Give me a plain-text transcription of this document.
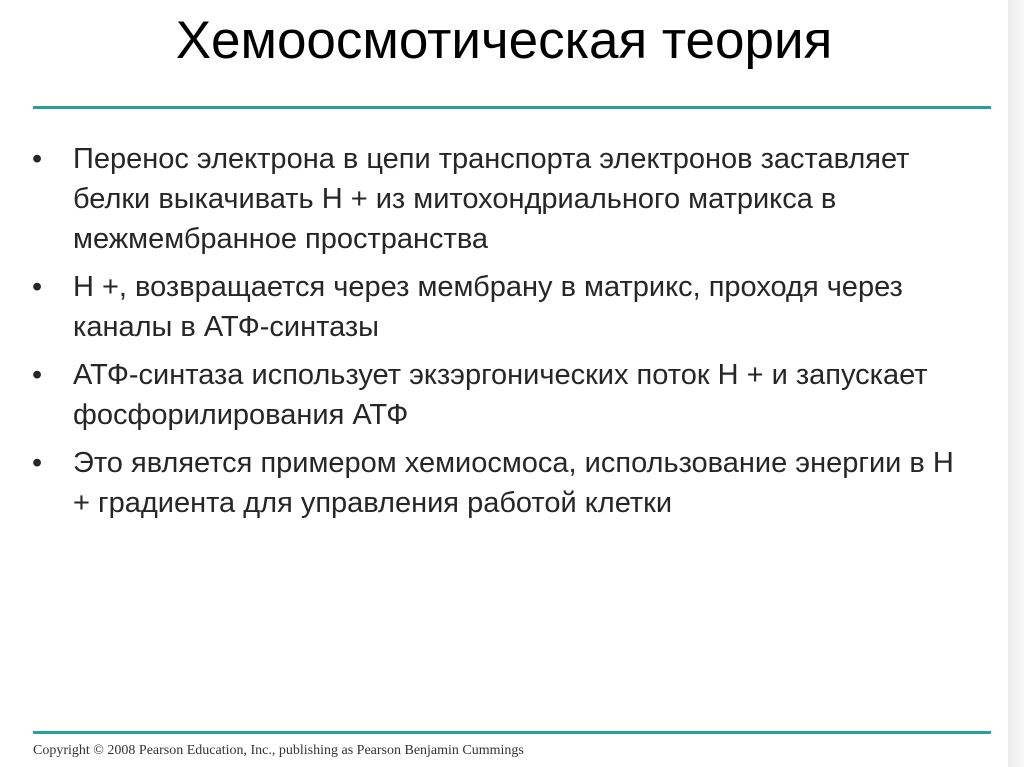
Хемоосмотическая теория
• Перенос электрона в цепи транспорта электронов заставляет белки выкачивать H + из митохондриального матрикса в межмембранное пространства
• H +, возвращается через мембрану в матрикс, проходя через каналы в АТФ-синтазы
• АТФ-синтаза использует экзэргонических поток H + и запускает фосфорилирования АТФ
• Это является примером хемиосмоса, использование энергии в H + градиента для управления работой клетки
Copyright © 2008 Pearson Education, Inc., publishing as Pearson Benjamin Cummings
